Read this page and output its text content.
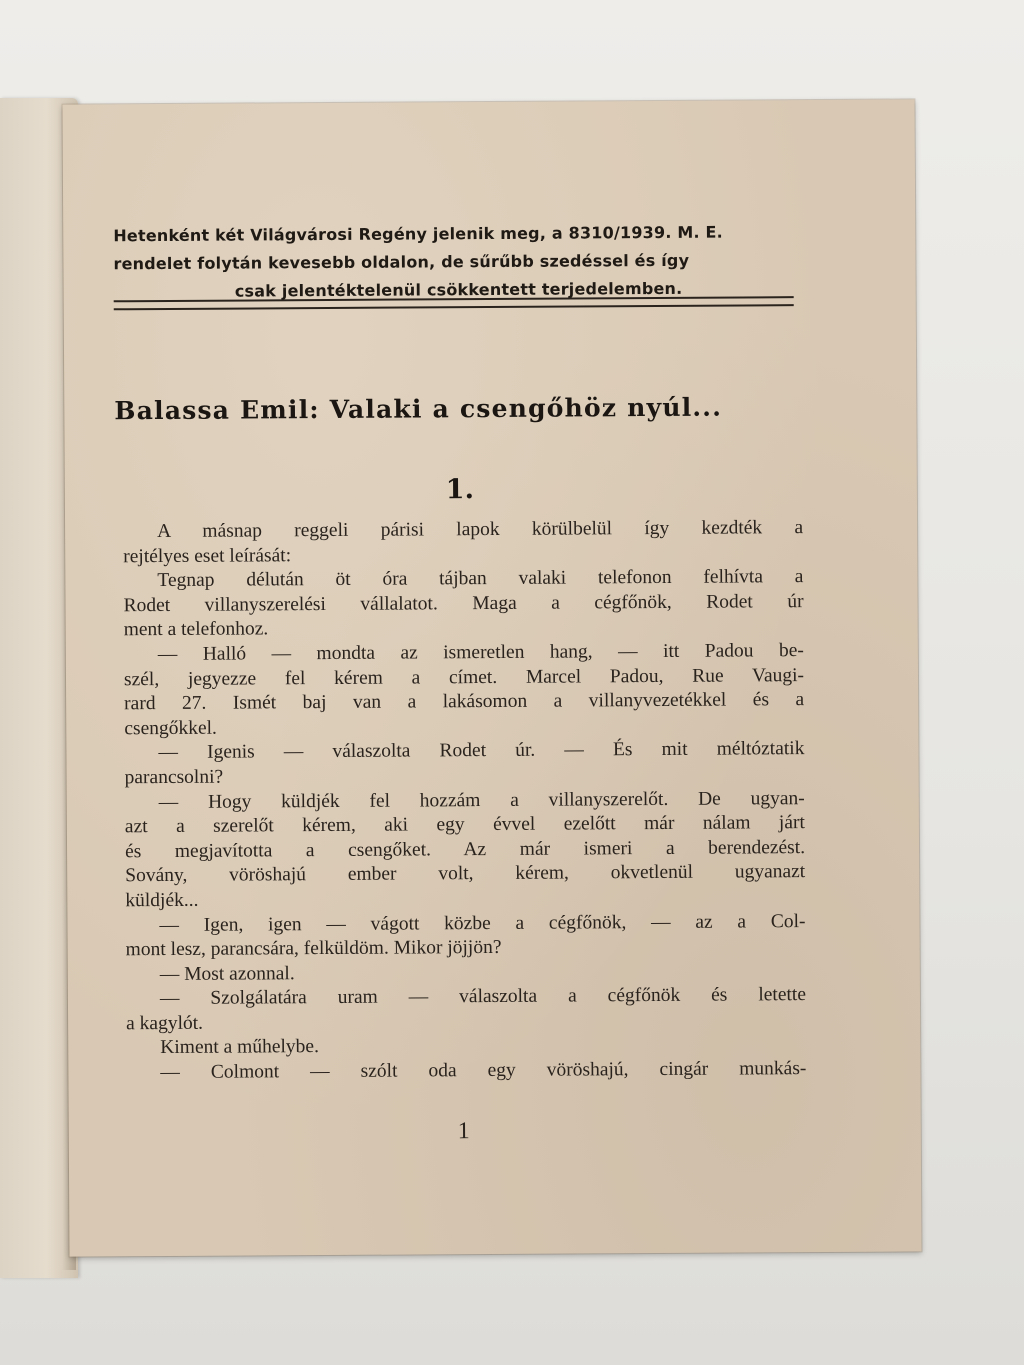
Hetenként két Világvárosi Regény jelenik meg, a 8310/1939. M. E.
rendelet folytán kevesebb oldalon, de sűrűbb szedéssel és így
csak jelentéktelenül csökkentett terjedelemben.
Balassa Emil: Valaki a csengőhöz nyúl...
1.
A másnap reggeli párisi lapok körülbelül így kezdték a
rejtélyes eset leírását:
Tegnap délután öt óra tájban valaki telefonon felhívta a
Rodet villanyszerelési vállalatot. Maga a cégfőnök, Rodet úr
ment a telefonhoz.
— Halló — mondta az ismeretlen hang, — itt Padou be-
szél, jegyezze fel kérem a címet. Marcel Padou, Rue Vaugi-
rard 27. Ismét baj van a lakásomon a villanyvezetékkel és a
csengőkkel.
— Igenis — válaszolta Rodet úr. — És mit méltóztatik
parancsolni?
— Hogy küldjék fel hozzám a villanyszerelőt. De ugyan-
azt a szerelőt kérem, aki egy évvel ezelőtt már nálam járt
és megjavította a csengőket. Az már ismeri a berendezést.
Sovány, vöröshajú ember volt, kérem, okvetlenül ugyanazt
küldjék...
— Igen, igen — vágott közbe a cégfőnök, — az a Col-
mont lesz, parancsára, felküldöm. Mikor jöjjön?
— Most azonnal.
— Szolgálatára uram — válaszolta a cégfőnök és letette
a kagylót.
Kiment a műhelybe.
— Colmont — szólt oda egy vöröshajú, cingár munkás-
1
